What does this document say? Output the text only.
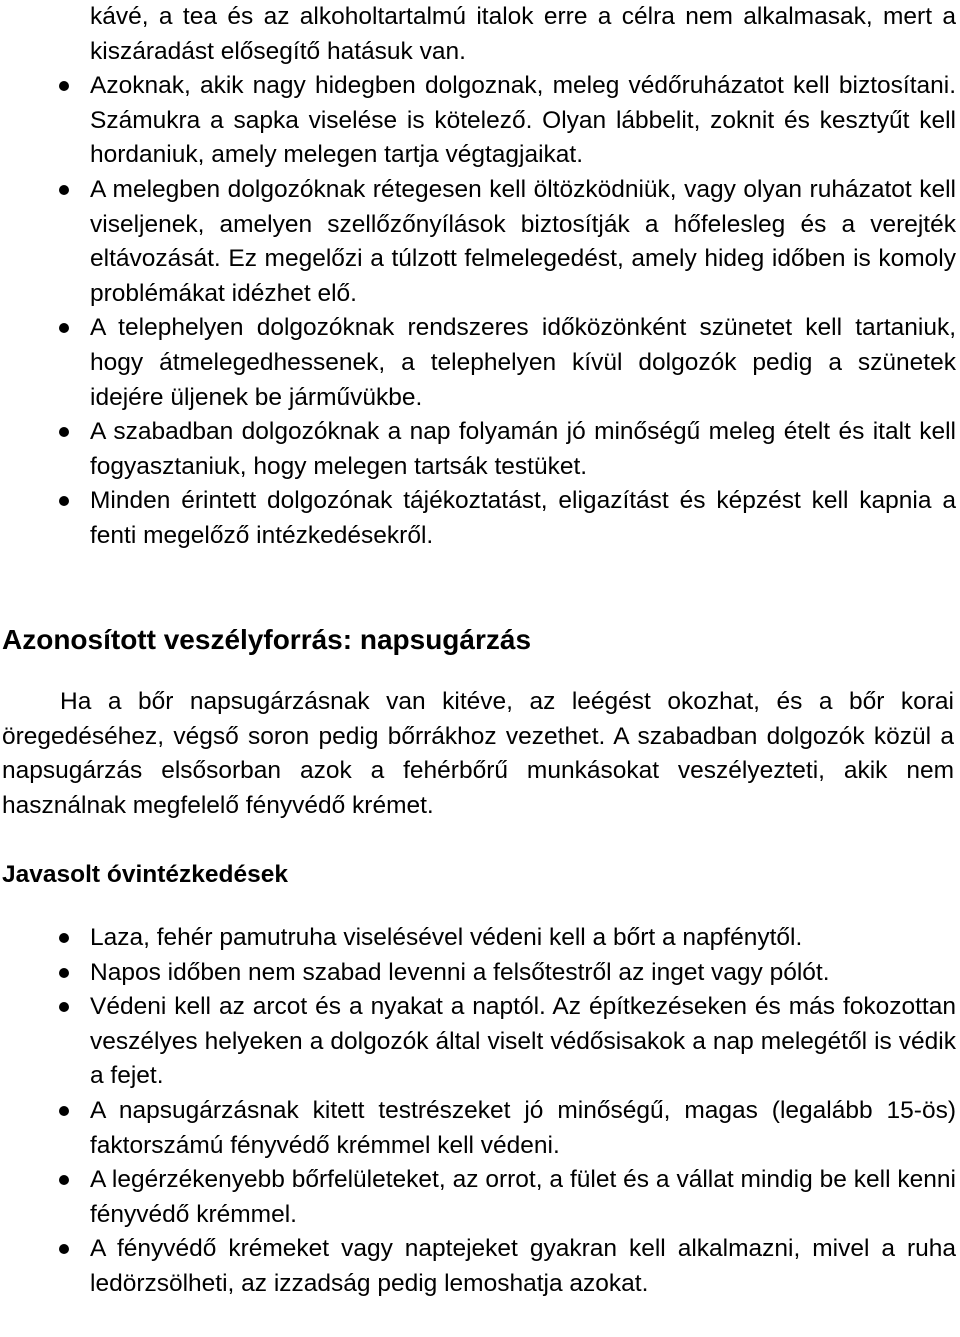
kávé, a tea és az alkoholtartalmú italok erre a célra nem alkalmasak, mert a kiszáradást elősegítő hatásuk van.
Azoknak, akik nagy hidegben dolgoznak, meleg védőruházatot kell biztosítani. Számukra a sapka viselése is kötelező. Olyan lábbelit, zoknit és kesztyűt kell hordaniuk, amely melegen tartja végtagjaikat.
A melegben dolgozóknak rétegesen kell öltözködniük, vagy olyan ruházatot kell viseljenek, amelyen szellőzőnyílások biztosítják a hőfelesleg és a verejték eltávozását. Ez megelőzi a túlzott felmelegedést, amely hideg időben is komoly problémákat idézhet elő.
A telephelyen dolgozóknak rendszeres időközönként szünetet kell tartaniuk, hogy átmelegedhessenek, a telephelyen kívül dolgozók pedig a szünetek idejére üljenek be járművükbe.
A szabadban dolgozóknak a nap folyamán jó minőségű meleg ételt és italt kell fogyasztaniuk, hogy melegen tartsák testüket.
Minden érintett dolgozónak tájékoztatást, eligazítást és képzést kell kapnia a fenti megelőző intézkedésekről.
Azonosított veszélyforrás: napsugárzás

Ha a bőr napsugárzásnak van kitéve, az leégést okozhat, és a bőr korai öregedéséhez, végső soron pedig bőrrákhoz vezethet. A szabadban dolgozók közül a napsugárzás elsősorban azok a fehérbőrű munkásokat veszélyezteti, akik nem használnak megfelelő fényvédő krémet.

Javasolt óvintézkedések
Laza, fehér pamutruha viselésével védeni kell a bőrt a napfénytől.
Napos időben nem szabad levenni a felsőtestről az inget vagy pólót.
Védeni kell az arcot és a nyakat a naptól. Az építkezéseken és más fokozottan veszélyes helyeken a dolgozók által viselt védősisakok a nap melegétől is védik a fejet.
A napsugárzásnak kitett testrészeket jó minőségű, magas (legalább 15-ös) faktorszámú fényvédő krémmel kell védeni.
A legérzékenyebb bőrfelületeket, az orrot, a fület és a vállat mindig be kell kenni fényvédő krémmel.
A fényvédő krémeket vagy naptejeket gyakran kell alkalmazni, mivel a ruha ledörzsölheti, az izzadság pedig lemoshatja azokat.
